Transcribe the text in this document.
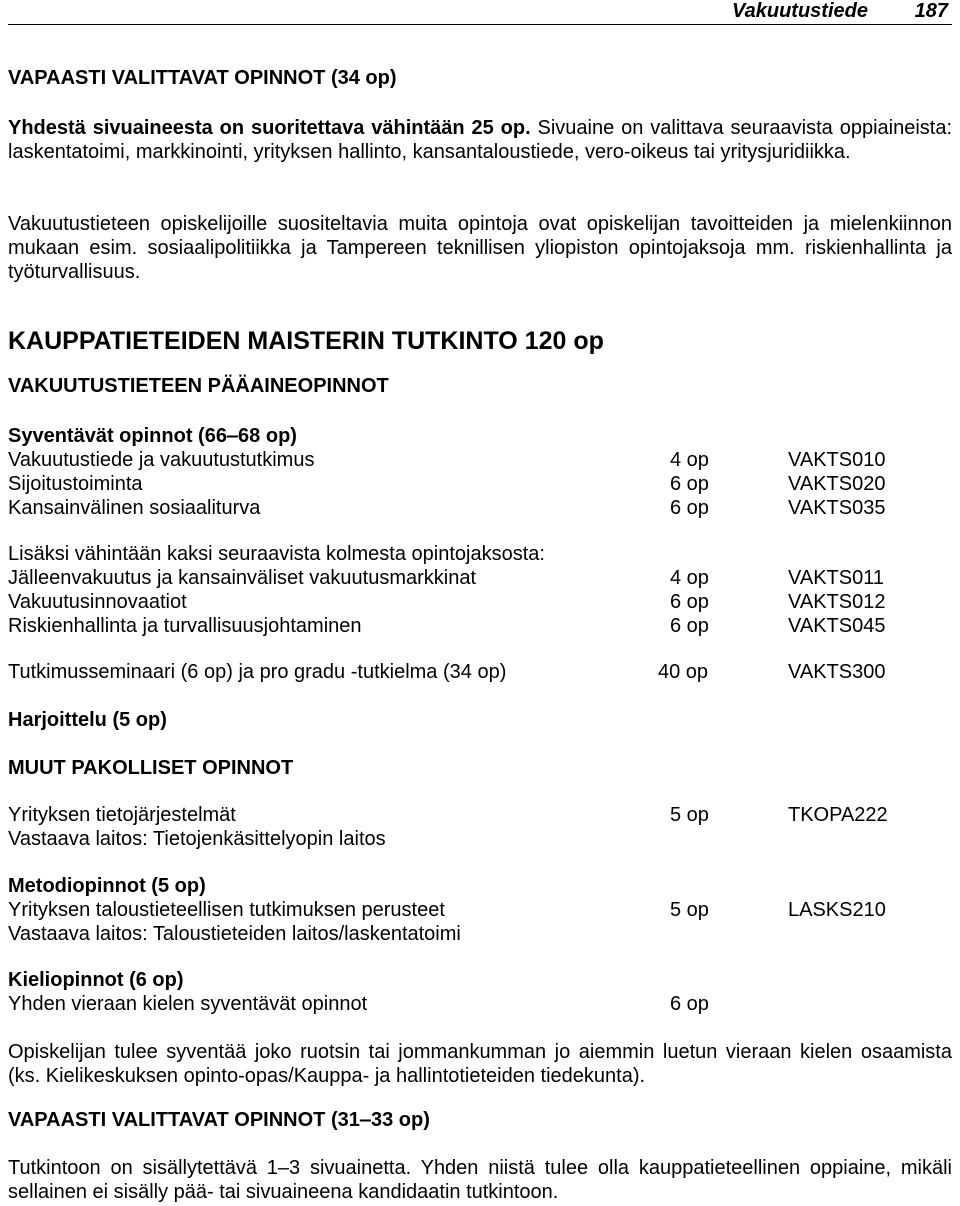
Vakuutustiede 187
VAPAASTI VALITTAVAT OPINNOT (34 op)
Yhdestä sivuaineesta on suoritettava vähintään 25 op. Sivuaine on valittava seuraavista oppiaineista: laskentatoimi, markkinointi, yrityksen hallinto, kansantaloustiede, vero-oikeus tai yritysjuridiikka.
Vakuutustieteen opiskelijoille suositeltavia muita opintoja ovat opiskelijan tavoitteiden ja mielenkiinnon mukaan esim. sosiaalipolitiikka ja Tampereen teknillisen yliopiston opintojaksoja mm. riskienhallinta ja työturvallisuus.
KAUPPATIETEIDEN MAISTERIN TUTKINTO 120 op
VAKUUTUSTIETEEN PÄÄAINEOPINNOT
Syventävät opinnot (66‒68 op)
Vakuutustiede ja vakuutustutkimus	4 op	VAKTS010
Sijoitustoiminta	6 op	VAKTS020
Kansainvälinen sosiaaliturva	6 op	VAKTS035
Lisäksi vähintään kaksi seuraavista kolmesta opintojaksosta:
Jälleenvakuutus ja kansainväliset vakuutusmarkkinat	4 op	VAKTS011
Vakuutusinnovaatiot	6 op	VAKTS012
Riskienhallinta ja turvallisuusjohtaminen	6 op	VAKTS045
Tutkimusseminaari (6 op) ja pro gradu -tutkielma (34 op)	40 op	VAKTS300
Harjoittelu (5 op)
MUUT PAKOLLISET OPINNOT
Yrityksen tietojärjestelmät	5 op	TKOPA222
Vastaava laitos: Tietojenkäsittelyopin laitos
Metodiopinnot (5 op)
Yrityksen taloustieteellisen tutkimuksen perusteet	5 op	LASKS210
Vastaava laitos: Taloustieteiden laitos/laskentatoimi
Kieliopinnot (6 op)
Yhden vieraan kielen syventävät opinnot	6 op
Opiskelijan tulee syventää joko ruotsin tai jommankumman jo aiemmin luetun vieraan kielen osaamista (ks. Kielikeskuksen opinto-opas/Kauppa- ja hallintotieteiden tiedekunta).
VAPAASTI VALITTAVAT OPINNOT (31‒33 op)
Tutkintoon on sisällytettävä 1‒3 sivuainetta. Yhden niistä tulee olla kauppatieteellinen oppiaine, mikäli sellainen ei sisälly pää- tai sivuaineena kandidaatin tutkintoon.
